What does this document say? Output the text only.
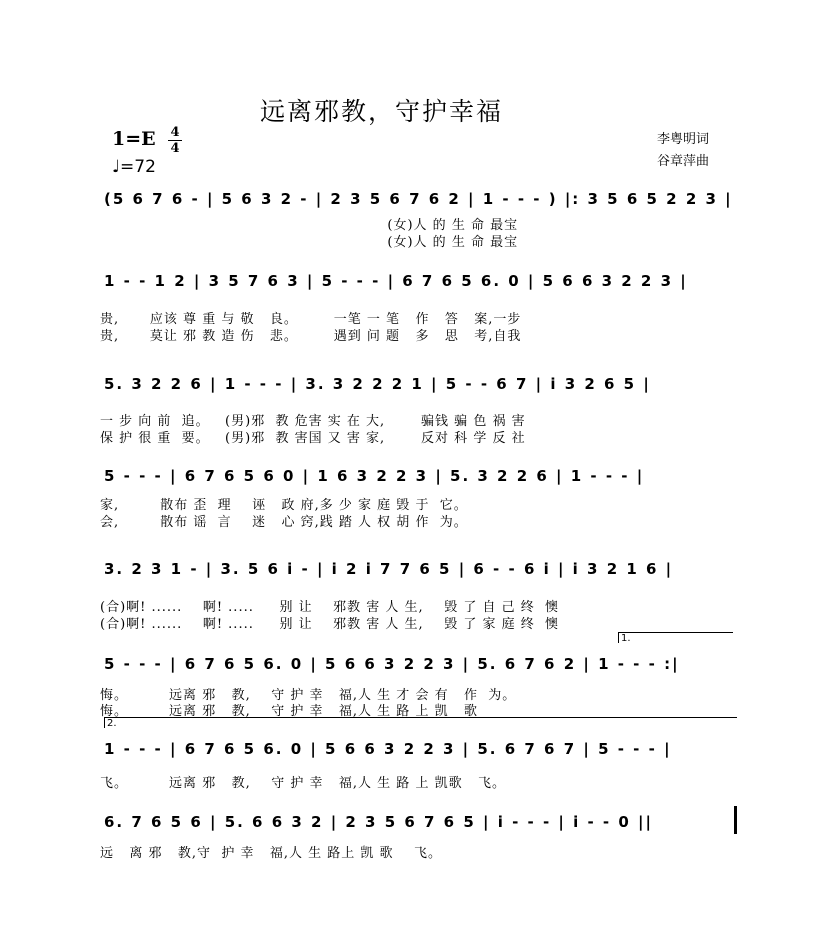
远离邪教，守护幸福
1=E 4
4
♩=72
李粤明词
谷章萍曲
(5 6 7 6 - | 5 6 3 2 - | 2 3 5 6 7 6 2 | 1 - - - ) |: 3 5 6 5 2 2 3 |
(女)人 的 生 命 最宝
(女)人 的 生 命 最宝
1 - - 1 2 | 3 5 7 6 3 | 5 - - - | 6 7 6 5 6. 0 | 5 6 6 3 2 2 3 |
贵,      应该 尊 重 与 敬   良。       一笔 一 笔   作   答   案,一步
贵,      莫让 邪 教 造 伤   悲。       遇到 问 题   多   思   考,自我
5. 3 2 2 6 | 1 - - - | 3. 3 2 2 2 1 | 5 - - 6 7 | i 3 2 6 5 |
一 步 向 前  追。   (男)邪  教 危害 实 在 大,       骗钱 骗 色 祸 害
保 护 很 重  要。   (男)邪  教 害国 又 害 家,       反对 科 学 反 社
5 - - - | 6 7 6 5 6 0 | 1 6 3 2 2 3 | 5. 3 2 2 6 | 1 - - - |
家,        散布 歪  理    诬   政 府,多 少 家 庭 毁 于  它。
会,        散布 谣  言    迷   心 窍,践 踏 人 权 胡 作  为。
3. 2 3 1 - | 3. 5 6 i - | i 2 i 7 7 6 5 | 6 - - 6 i | i 3 2 1 6 |
(合)啊! ......    啊! .....     别 让    邪教 害 人 生,    毁 了 自 己 终  懊
(合)啊! ......    啊! .....     别 让    邪教 害 人 生,    毁 了 家 庭 终  懊
1.
5 - - - | 6 7 6 5 6. 0 | 5 6 6 3 2 2 3 | 5. 6 7 6 2 | 1 - - - :|
悔。        远离 邪   教,    守 护 幸   福,人 生 才 会 有   作  为。
悔。        远离 邪   教,    守 护 幸   福,人 生 路 上 凯   歌
2.
1 - - - | 6 7 6 5 6. 0 | 5 6 6 3 2 2 3 | 5. 6 7 6 7 | 5 - - - |
飞。        远离 邪   教,    守 护 幸   福,人 生 路 上 凯歌   飞。
6. 7 6 5 6 | 5. 6 6 3 2 | 2 3 5 6 7 6 5 | i - - - | i - - 0 ||
远   离 邪   教,守  护 幸   福,人 生 路上 凯 歌    飞。
